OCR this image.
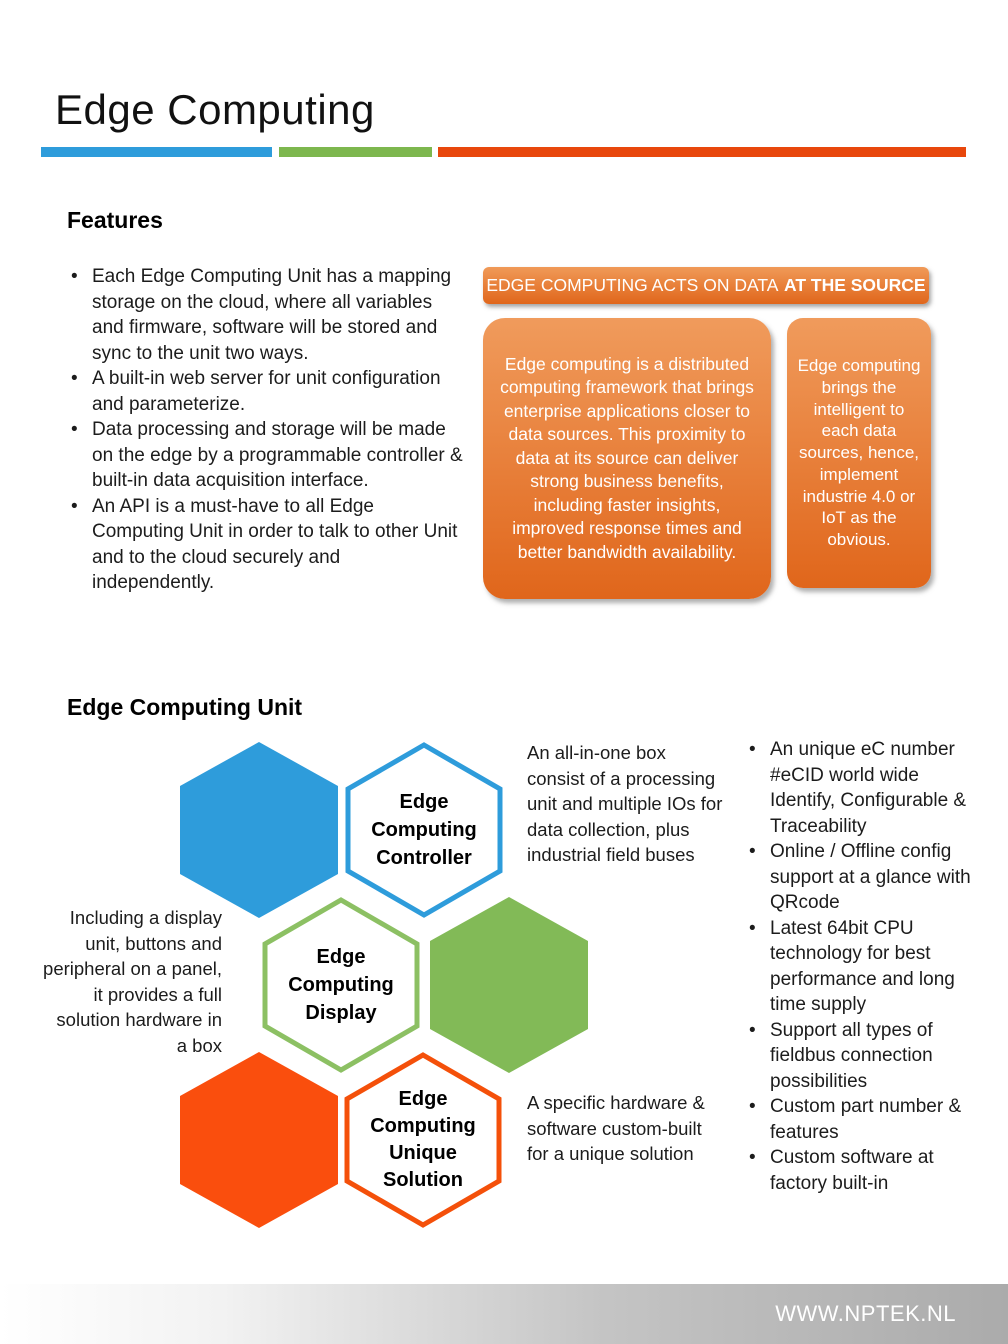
Edge Computing
Features
• Each Edge Computing Unit has a mapping storage on the cloud, where all variables and firmware, software will be stored and sync to the unit two ways.
• A built-in web server for unit configuration and parameterize.
• Data processing and storage will be made on the edge by a programmable controller & built-in data acquisition interface.
• An API is a must-have to all Edge Computing Unit in order to talk to other Unit and to the cloud securely and independently.
EDGE COMPUTING ACTS ON DATA AT THE SOURCE
Edge computing is a distributed computing framework that brings enterprise applications closer to data sources. This proximity to data at its source can deliver strong business benefits, including faster insights, improved response times and better bandwidth availability.
Edge computing brings the intelligent to each data sources, hence, implement industrie 4.0 or IoT as the obvious.
Edge Computing Unit
Edge
Computing
Controller
Edge
Computing
Display
Edge
Computing
Unique
Solution
An all-in-one box consist of a processing unit and multiple IOs for data collection, plus industrial field buses
Including a display unit, buttons and peripheral on a panel, it provides a full solution hardware in a box
A specific hardware & software custom-built for a unique solution
• An unique eC number #eCID world wide Identify, Configurable & Traceability
• Online / Offline config support at a glance with QRcode
• Latest 64bit CPU technology for best performance and long time supply
• Support all types of fieldbus connection possibilities
• Custom part number & features
• Custom software at factory built-in
WWW.NPTEK.NL
